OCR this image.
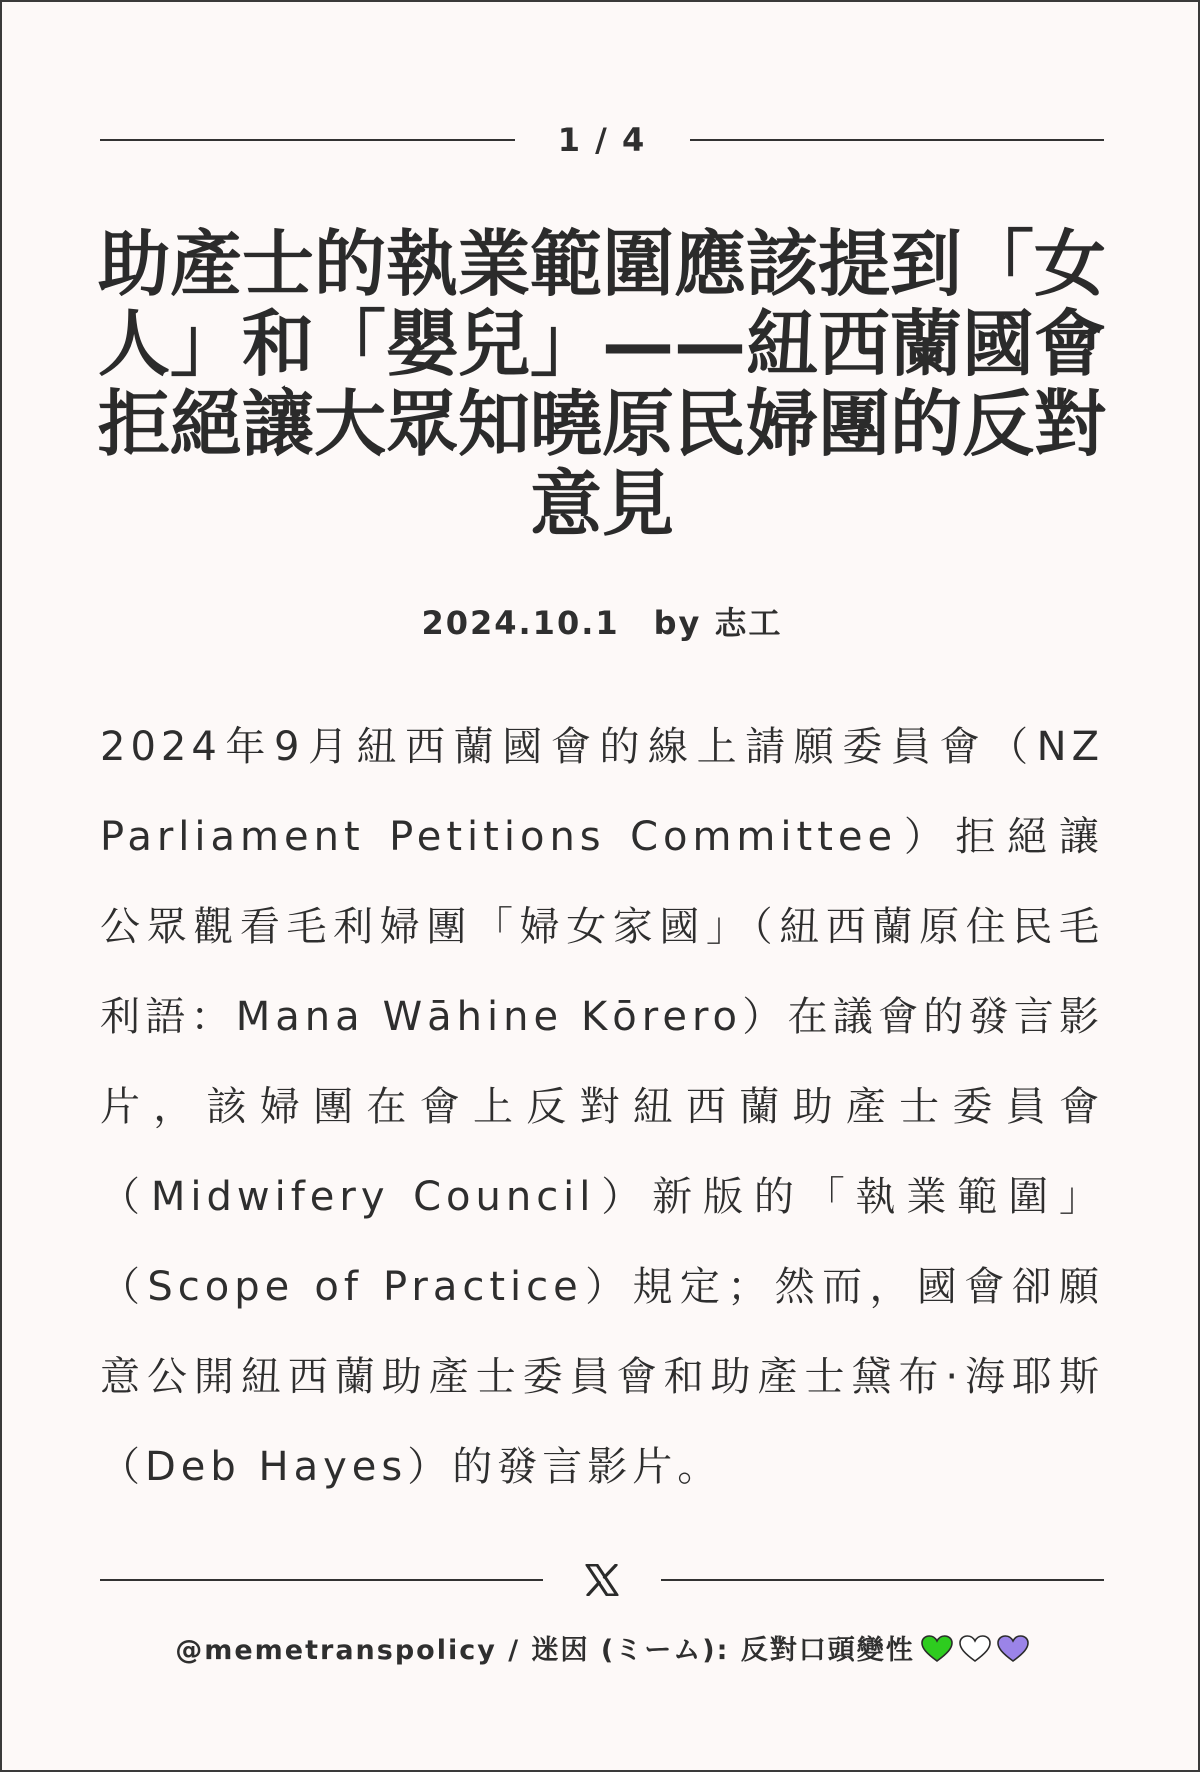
1 / 4
助產士的執業範圍應該提到「女人」和「嬰兒」——紐西蘭國會拒絕讓大眾知曉原民婦團的反對意見
2024.10.1 by 志工

2024年9月紐西蘭國會的線上請願委員會（NZ Parliament Petitions Committee）拒絕讓公眾觀看毛利婦團「婦女家國」（紐西蘭原住民毛利語：Mana Wāhine Kōrero）在議會的發言影片，該婦團在會上反對紐西蘭助產士委員會（Midwifery Council）新版的「執業範圍」（Scope of Practice）規定；然而，國會卻願意公開紐西蘭助產士委員會和助產士黛布·海耶斯（Deb Hayes）的發言影片。

@memetranspolicy / 迷因 (ミーム): 反對口頭變性
